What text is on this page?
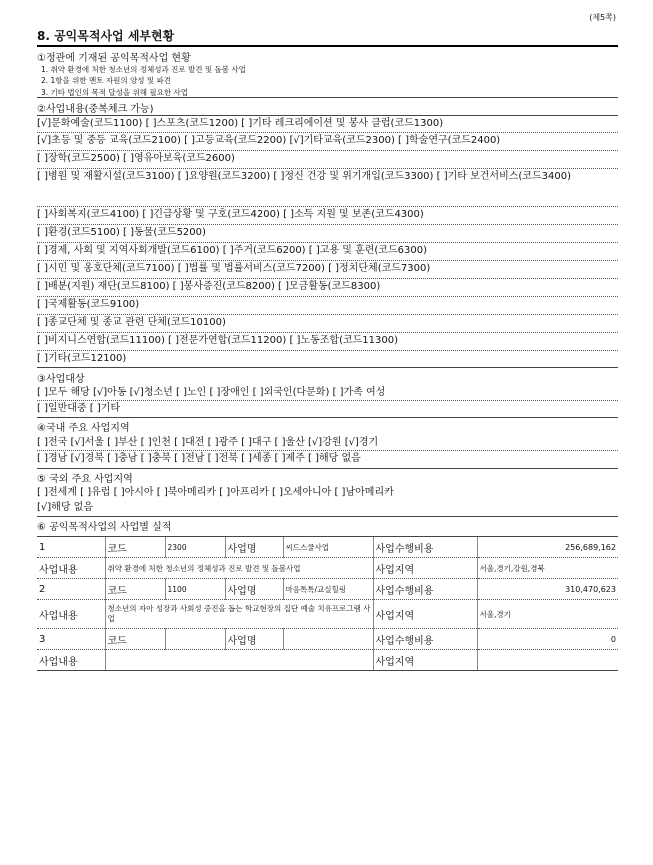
(제5쪽)
8. 공익목적사업 세부현황
①정관에 기재된 공익목적사업 현황
1. 취약 환경에 처한 청소년의 정체성과 진로 발견 및 돌봄 사업
2. 1항을 위한 멘토 자원의 양성 및 파견
3. 기타 법인의 목적 달성을 위해 필요한 사업
②사업내용(중복체크 가능)
[√]문화예술(코드1100) [ ]스포츠(코드1200) [ ]기타 레크리에이션 및 봉사 클럽(코드1300)
[√]초등 및 중등 교육(코드2100) [ ]고등교육(코드2200) [√]기타교육(코드2300) [ ]학술연구(코드2400)
[ ]장학(코드2500) [ ]영유아보육(코드2600)
[ ]병원 및 재활시설(코드3100) [ ]요양원(코드3200) [ ]정신 건강 및 위기개입(코드3300) [ ]기타 보건서비스(코드3400)
[ ]사회복지(코드4100) [ ]긴급상황 및 구호(코드4200) [ ]소득 지원 및 보존(코드4300)
[ ]환경(코드5100) [ ]동물(코드5200)
[ ]경제, 사회 및 지역사회개발(코드6100) [ ]주거(코드6200) [ ]고용 및 훈련(코드6300)
[ ]시민 및 옹호단체(코드7100) [ ]법률 및 법률서비스(코드7200) [ ]정치단체(코드7300)
[ ]배분(지원) 재단(코드8100) [ ]봉사증진(코드8200) [ ]모금활동(코드8300)
[ ]국제활동(코드9100)
[ ]종교단체 및 종교 관련 단체(코드10100)
[ ]비지니스연합(코드11100) [ ]전문가연합(코드11200) [ ]노동조합(코드11300)
[ ]기타(코드12100)
③사업대상
[ ]모두 해당 [√]아동 [√]청소년 [ ]노인 [ ]장애인 [ ]외국인(다문화) [ ]가족 여성
[ ]일반대중 [ ]기타
④국내 주요 사업지역
[ ]전국 [√]서울 [ ]부산 [ ]인천 [ ]대전 [ ]광주 [ ]대구 [ ]울산 [√]강원 [√]경기
[ ]경남 [√]경북 [ ]충남 [ ]충북 [ ]전남 [ ]전북 [ ]세종 [ ]제주 [ ]해당 없음
⑤ 국외 주요 사업지역
[ ]전세계 [ ]유럽 [ ]아시아 [ ]북아메리카 [ ]아프리카 [ ]오세아니아 [ ]남아메리카
[√]해당 없음
⑥ 공익목적사업의 사업별 실적
1	코드	2300	사업명	씨드스쿨사업	사업수행비용	256,689,162
사업내용	취약 환경에 처한 청소년의 정체성과 진로 발견 및 돌봄사업				사업지역	서울,경기,강원,경북
2	코드	1100	사업명	마음톡톡/교실힐링	사업수행비용	310,470,623
사업내용	청소년의 자아 성장과 사회성 증진을 돕는 학교현장의 집단 예술 치유프로그램 사업				사업지역	서울,경기
3	코드		사업명		사업수행비용	0
사업내용					사업지역	
